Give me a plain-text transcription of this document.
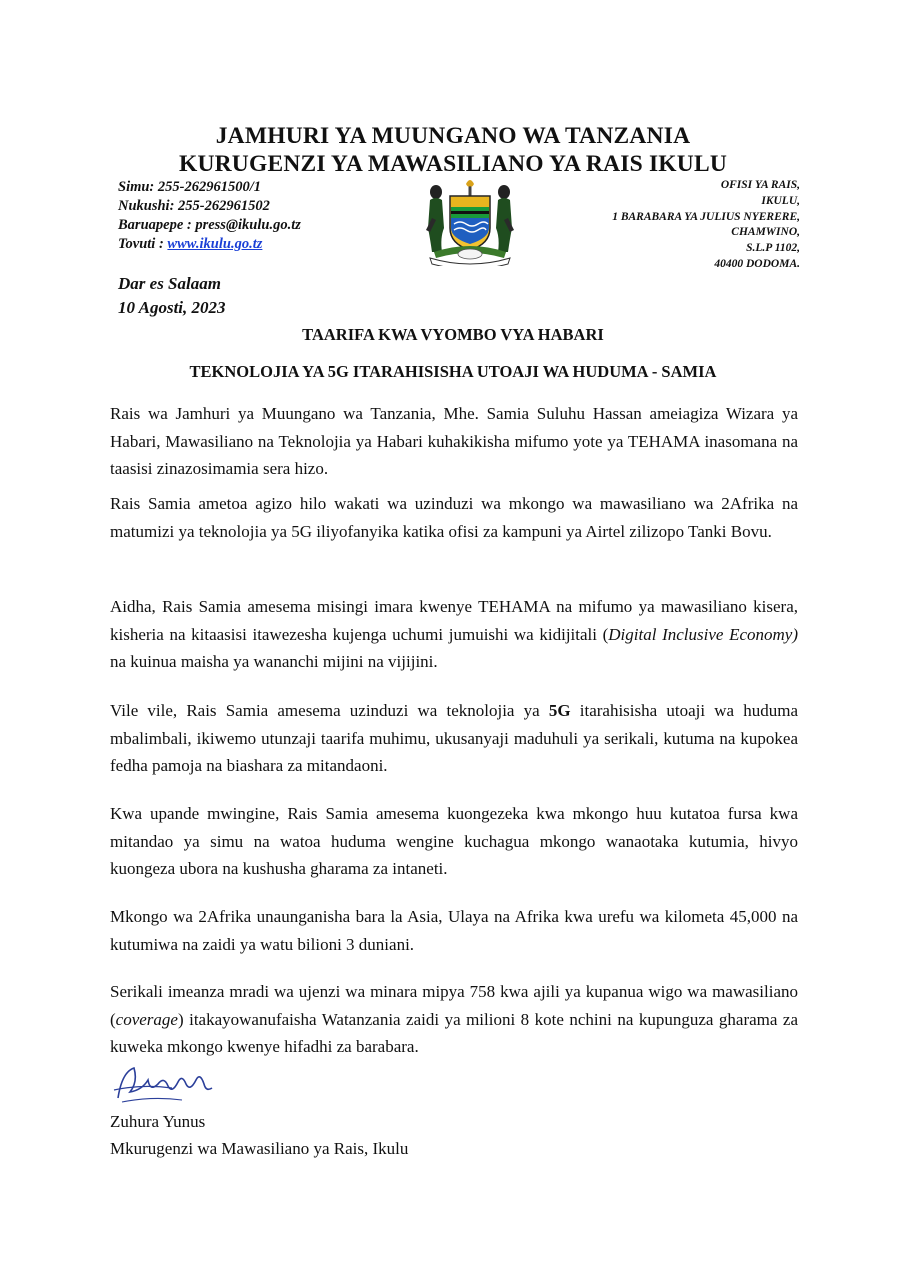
JAMHURI YA MUUNGANO WA TANZANIA
KURUGENZI YA MAWASILIANO YA RAIS IKULU
Simu: 255-262961500/1
Nukushi: 255-262961502
Baruapepe : press@ikulu.go.tz
Tovuti : www.ikulu.go.tz
OFISI YA RAIS,
IKULU,
1 BARABARA YA JULIUS NYERERE,
CHAMWINO,
S.L.P 1102,
40400 DODOMA.
Dar es Salaam
10 Agosti, 2023
TAARIFA KWA VYOMBO VYA HABARI
TEKNOLOJIA YA 5G ITARAHISISHA UTOAJI WA HUDUMA - SAMIA

Rais wa Jamhuri ya Muungano wa Tanzania, Mhe. Samia Suluhu Hassan ameiagiza Wizara ya Habari, Mawasiliano na Teknolojia ya Habari kuhakikisha mifumo yote ya TEHAMA inasomana na taasisi zinazosimamia sera hizo.

Rais Samia ametoa agizo hilo wakati wa uzinduzi wa mkongo wa mawasiliano wa 2Afrika na matumizi ya teknolojia ya 5G iliyofanyika katika ofisi za kampuni ya Airtel zilizopo Tanki Bovu.

Aidha, Rais Samia amesema misingi imara kwenye TEHAMA na mifumo ya mawasiliano kisera, kisheria na kitaasisi itawezesha kujenga uchumi jumuishi wa kidijitali (Digital Inclusive Economy) na kuinua maisha ya wananchi mijini na vijijini.

Vile vile, Rais Samia amesema uzinduzi wa teknolojia ya 5G itarahisisha utoaji wa huduma mbalimbali, ikiwemo utunzaji taarifa muhimu, ukusanyaji maduhuli ya serikali, kutuma na kupokea fedha pamoja na biashara za mitandaoni.

Kwa upande mwingine, Rais Samia amesema kuongezeka kwa mkongo huu kutatoa fursa kwa mitandao ya simu na watoa huduma wengine kuchagua mkongo wanaotaka kutumia, hivyo kuongeza ubora na kushusha gharama za intaneti.

Mkongo wa 2Afrika unaunganisha bara la Asia, Ulaya na Afrika kwa urefu wa kilometa 45,000 na kutumiwa na zaidi ya watu bilioni 3 duniani.

Serikali imeanza mradi wa ujenzi wa minara mipya 758 kwa ajili ya kupanua wigo wa mawasiliano (coverage) itakayowanufaisha Watanzania zaidi ya milioni 8 kote nchini na kupunguza gharama za kuweka mkongo kwenye hifadhi za barabara.

Zuhura Yunus
Mkurugenzi wa Mawasiliano ya Rais, Ikulu
